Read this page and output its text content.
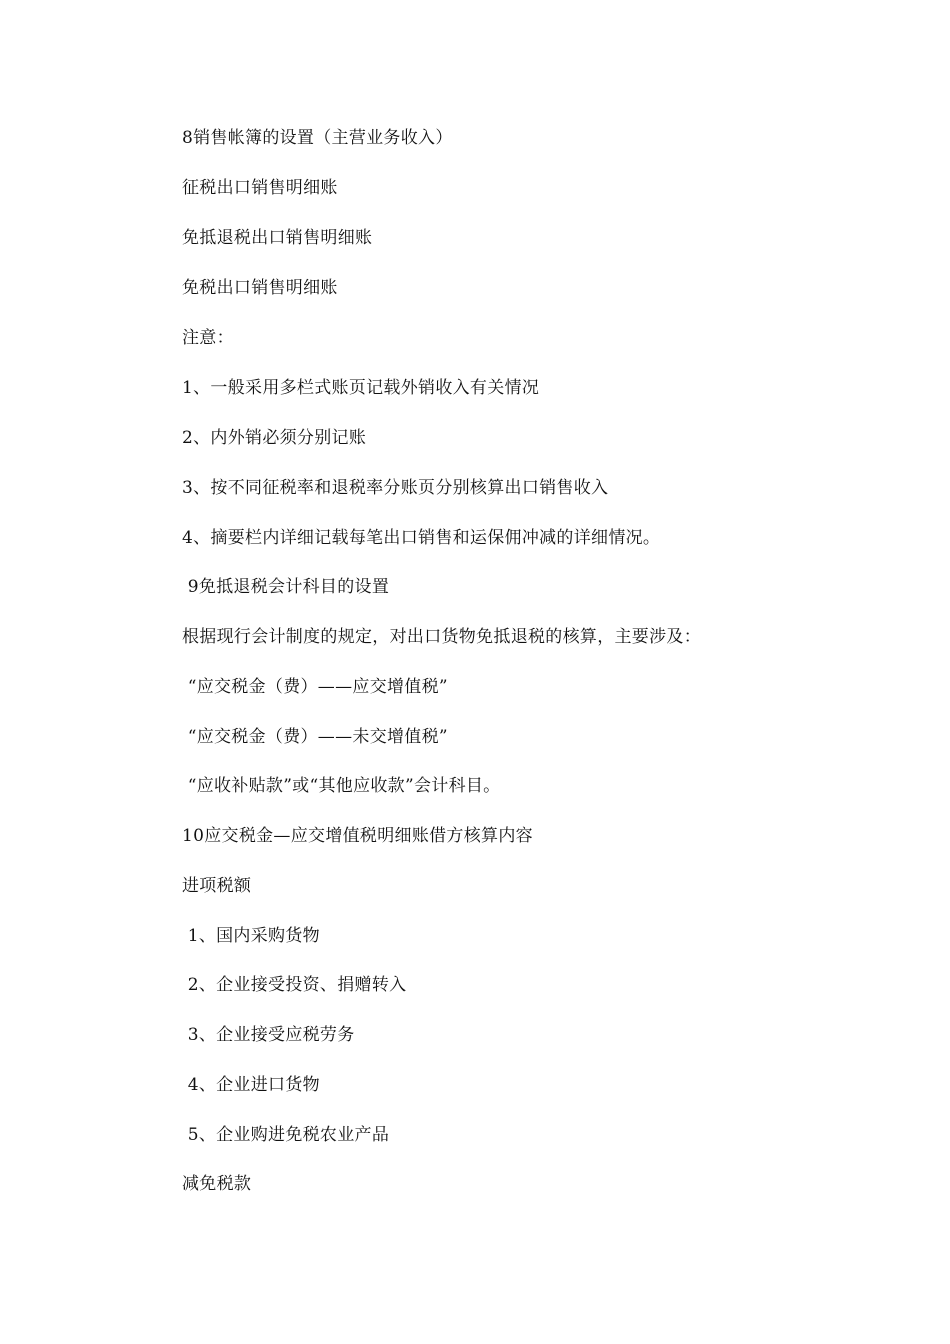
8销售帐簿的设置（主营业务收入）
征税出口销售明细账
免抵退税出口销售明细账
免税出口销售明细账
注意：
1、一般采用多栏式账页记载外销收入有关情况
2、内外销必须分别记账
3、按不同征税率和退税率分账页分别核算出口销售收入
4、摘要栏内详细记载每笔出口销售和运保佣冲减的详细情况。
9免抵退税会计科目的设置
根据现行会计制度的规定，对出口货物免抵退税的核算，主要涉及：
“应交税金（费）——应交增值税”
“应交税金（费）——未交增值税”
“应收补贴款”或“其他应收款”会计科目。
10应交税金—应交增值税明细账借方核算内容
进项税额
1、国内采购货物
2、企业接受投资、捐赠转入
3、企业接受应税劳务
4、企业进口货物
5、企业购进免税农业产品
减免税款
